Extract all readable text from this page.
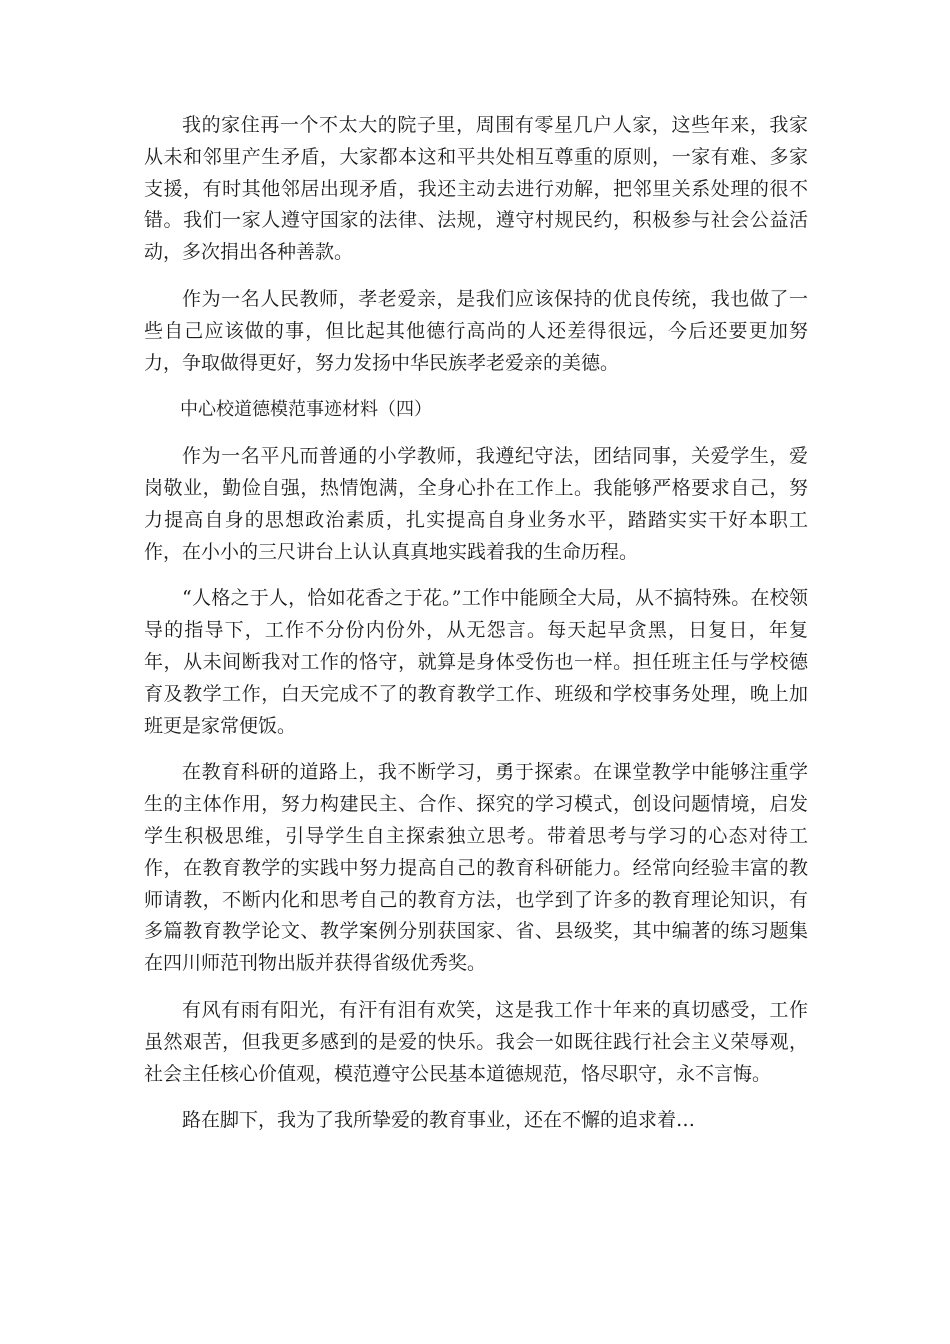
我的家住再一个不太大的院子里，周围有零星几户人家，这些年来，我家从未和邻里产生矛盾，大家都本这和平共处相互尊重的原则，一家有难、多家支援，有时其他邻居出现矛盾，我还主动去进行劝解，把邻里关系处理的很不错。我们一家人遵守国家的法律、法规，遵守村规民约，积极参与社会公益活动，多次捐出各种善款。

作为一名人民教师，孝老爱亲，是我们应该保持的优良传统，我也做了一些自己应该做的事，但比起其他德行高尚的人还差得很远，今后还要更加努力，争取做得更好，努力发扬中华民族孝老爱亲的美德。

中心校道德模范事迹材料（四）

作为一名平凡而普通的小学教师，我遵纪守法，团结同事，关爱学生，爱岗敬业，勤俭自强，热情饱满，全身心扑在工作上。我能够严格要求自己，努力提高自身的思想政治素质，扎实提高自身业务水平，踏踏实实干好本职工作，在小小的三尺讲台上认认真真地实践着我的生命历程。

“人格之于人，恰如花香之于花。”工作中能顾全大局，从不搞特殊。在校领导的指导下，工作不分份内份外，从无怨言。每天起早贪黑，日复日，年复年，从未间断我对工作的恪守，就算是身体受伤也一样。担任班主任与学校德育及教学工作，白天完成不了的教育教学工作、班级和学校事务处理，晚上加班更是家常便饭。

在教育科研的道路上，我不断学习，勇于探索。在课堂教学中能够注重学生的主体作用，努力构建民主、合作、探究的学习模式，创设问题情境，启发学生积极思维，引导学生自主探索独立思考。带着思考与学习的心态对待工作，在教育教学的实践中努力提高自己的教育科研能力。经常向经验丰富的教师请教，不断内化和思考自己的教育方法，也学到了许多的教育理论知识，有多篇教育教学论文、教学案例分别获国家、省、县级奖，其中编著的练习题集在四川师范刊物出版并获得省级优秀奖。

有风有雨有阳光，有汗有泪有欢笑，这是我工作十年来的真切感受，工作虽然艰苦，但我更多感到的是爱的快乐。我会一如既往践行社会主义荣辱观，社会主任核心价值观，模范遵守公民基本道德规范，恪尽职守，永不言悔。

路在脚下，我为了我所挚爱的教育事业，还在不懈的追求着…
